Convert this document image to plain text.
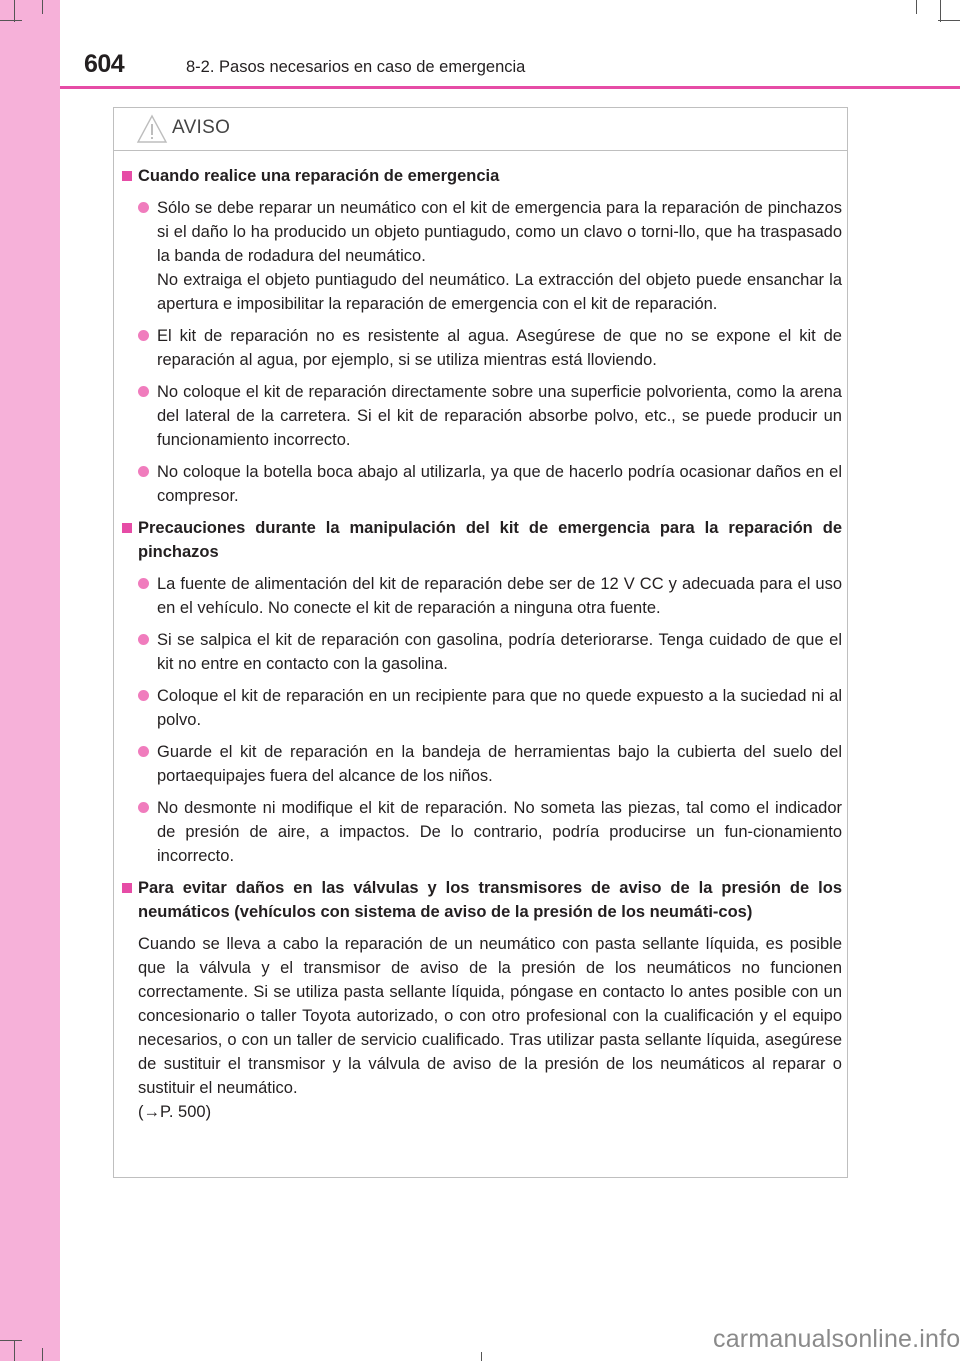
604	8-2. Pasos necesarios en caso de emergencia
AVISO
Cuando realice una reparación de emergencia
Sólo se debe reparar un neumático con el kit de emergencia para la reparación de pinchazos si el daño lo ha producido un objeto puntiagudo, como un clavo o torni-llo, que ha traspasado la banda de rodadura del neumático.
No extraiga el objeto puntiagudo del neumático. La extracción del objeto puede ensanchar la apertura e imposibilitar la reparación de emergencia con el kit de reparación.
El kit de reparación no es resistente al agua. Asegúrese de que no se expone el kit de reparación al agua, por ejemplo, si se utiliza mientras está lloviendo.
No coloque el kit de reparación directamente sobre una superficie polvorienta, como la arena del lateral de la carretera. Si el kit de reparación absorbe polvo, etc., se puede producir un funcionamiento incorrecto.
No coloque la botella boca abajo al utilizarla, ya que de hacerlo podría ocasionar daños en el compresor.
Precauciones durante la manipulación del kit de emergencia para la reparación de pinchazos
La fuente de alimentación del kit de reparación debe ser de 12 V CC y adecuada para el uso en el vehículo. No conecte el kit de reparación a ninguna otra fuente.
Si se salpica el kit de reparación con gasolina, podría deteriorarse. Tenga cuidado de que el kit no entre en contacto con la gasolina.
Coloque el kit de reparación en un recipiente para que no quede expuesto a la suciedad ni al polvo.
Guarde el kit de reparación en la bandeja de herramientas bajo la cubierta del suelo del portaequipajes fuera del alcance de los niños.
No desmonte ni modifique el kit de reparación. No someta las piezas, tal como el indicador de presión de aire, a impactos. De lo contrario, podría producirse un fun-cionamiento incorrecto.
Para evitar daños en las válvulas y los transmisores de aviso de la presión de los neumáticos (vehículos con sistema de aviso de la presión de los neumáti-cos)
Cuando se lleva a cabo la reparación de un neumático con pasta sellante líquida, es posible que la válvula y el transmisor de aviso de la presión de los neumáticos no funcionen correctamente. Si se utiliza pasta sellante líquida, póngase en contacto lo antes posible con un concesionario o taller Toyota autorizado, o con otro profesional con la cualificación y el equipo necesarios, o con un taller de servicio cualificado. Tras utilizar pasta sellante líquida, asegúrese de sustituir el transmisor y la válvula de aviso de la presión de los neumáticos al reparar o sustituir el neumático.
(→P. 500)
carmanualsonline.info
